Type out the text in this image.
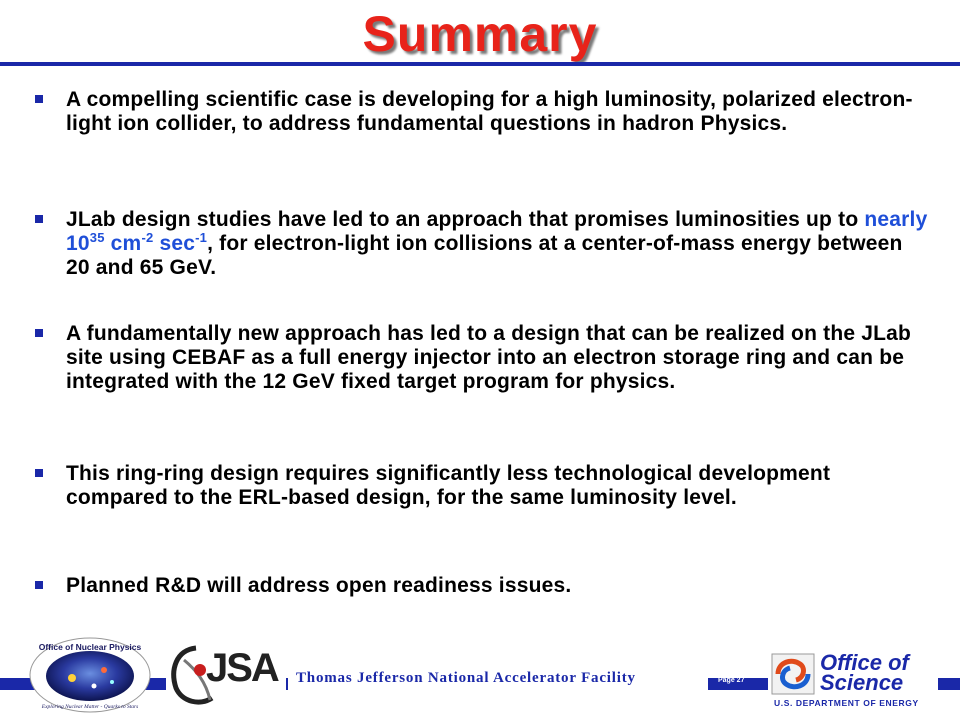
Summary
A compelling scientific case is developing for a high luminosity, polarized electron-light ion collider, to address fundamental questions in hadron Physics.
JLab design studies have led to an approach that promises luminosities up to nearly $10^{35}$ $cm^{-2}$ $\sec^{-1}$, for electron-light ion collisions at a center-of-mass energy between 20 and 65 GeV.
A fundamentally new approach has led to a design that can be realized on the JLab site using CEBAF as a full energy injector into an electron storage ring and can be integrated with the 12 GeV fixed target program for physics.
This ring-ring design requires significantly less technological development compared to the ERL-based design, for the same luminosity level.
Planned R&D will address open readiness issues.
Thomas Jefferson National Accelerator Facility	Page 27
Office of Nuclear Physics
Exploring Nuclear Matter - Quarks to Stars
JSA	Office of
Science
U.S. DEPARTMENT OF ENERGY
